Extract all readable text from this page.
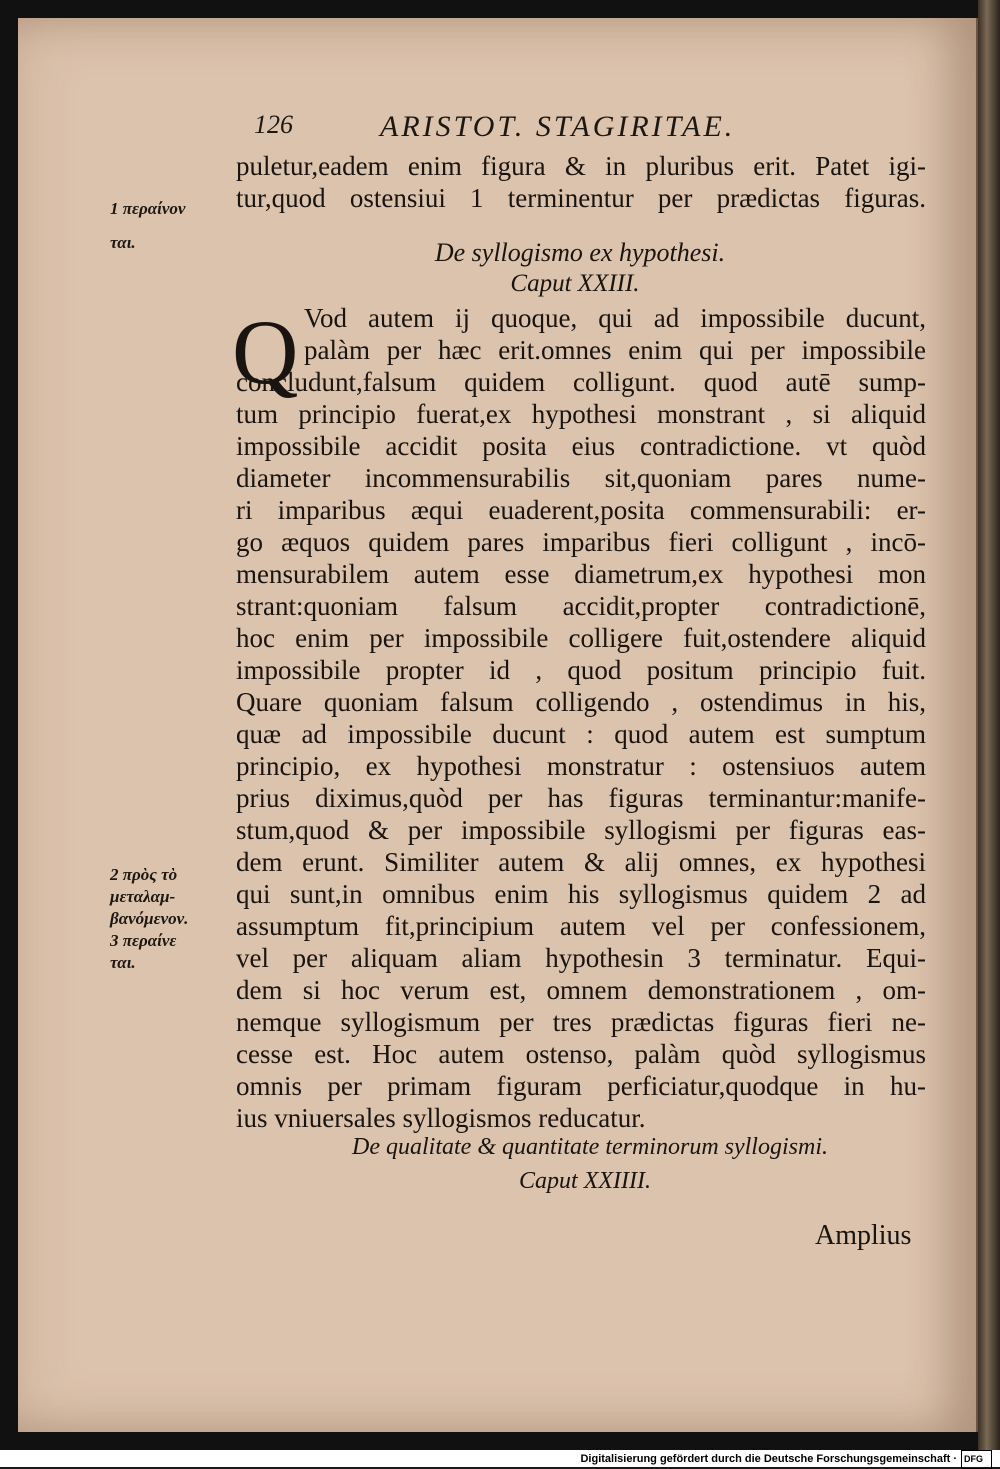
126	ARISTOT. STAGIRITAE.
puletur,eadem enim figura & in pluribus erit. Patet igi-
tur,quod ostensiui 1 terminentur per prædictas figuras.
1 περαίνον
ται.	De syllogismo ex hypothesi.
Caput XXIII.
Q Vod autem ij quoque, qui ad impossibile ducunt,
palàm per hæc erit.omnes enim qui per impossibile
concludunt,falsum quidem colligunt. quod autē sump-
tum principio fuerat,ex hypothesi monstrant , si aliquid
impossibile accidit posita eius contradictione. vt quòd
diameter incommensurabilis sit,quoniam pares nume-
ri imparibus æqui euaderent,posita commensurabili: er-
go æquos quidem pares imparibus fieri colligunt , incō-
mensurabilem autem esse diametrum,ex hypothesi mon
strant:quoniam falsum accidit,propter contradictionē,
hoc enim per impossibile colligere fuit,ostendere aliquid
impossibile propter id , quod positum principio fuit.
Quare quoniam falsum colligendo , ostendimus in his,
quæ ad impossibile ducunt : quod autem est sumptum
principio, ex hypothesi monstratur : ostensiuos autem
prius diximus,quòd per has figuras terminantur:manife-
stum,quod & per impossibile syllogismi per figuras eas-
dem erunt. Similiter autem & alij omnes, ex hypothesi
qui sunt,in omnibus enim his syllogismus quidem 2 ad
assumptum fit,principium autem vel per confessionem,
vel per aliquam aliam hypothesin 3 terminatur. Equi-
dem si hoc verum est, omnem demonstrationem , om-
nemque syllogismum per tres prædictas figuras fieri ne-
cesse est. Hoc autem ostenso, palàm quòd syllogismus
omnis per primam figuram perficiatur,quodque in hu-
ius vniuersales syllogismos reducatur.
2 πρὸς τὸ
μεταλαμ-
βανόμενον.
3 περαίνε
ται.
De qualitate & quantitate terminorum syllogismi.
Caput XXIIII.
Amplius
Digitalisierung gefördert durch die Deutsche Forschungsgemeinschaft · DFG
